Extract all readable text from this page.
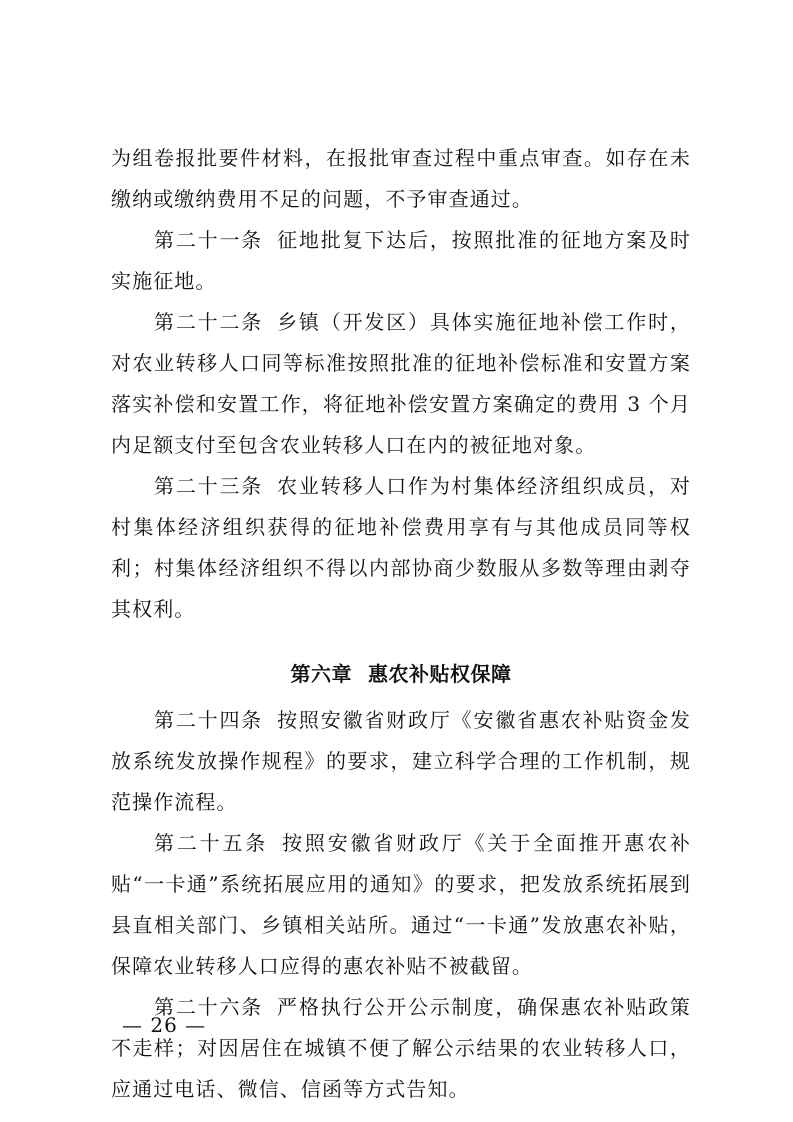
为组卷报批要件材料，在报批审查过程中重点审查。如存在未缴纳或缴纳费用不足的问题，不予审查通过。

第二十一条 征地批复下达后，按照批准的征地方案及时实施征地。

第二十二条 乡镇（开发区）具体实施征地补偿工作时，对农业转移人口同等标准按照批准的征地补偿标准和安置方案落实补偿和安置工作，将征地补偿安置方案确定的费用 3 个月内足额支付至包含农业转移人口在内的被征地对象。

第二十三条 农业转移人口作为村集体经济组织成员，对村集体经济组织获得的征地补偿费用享有与其他成员同等权利；村集体经济组织不得以内部协商少数服从多数等理由剥夺其权利。

第六章 惠农补贴权保障

第二十四条 按照安徽省财政厅《安徽省惠农补贴资金发放系统发放操作规程》的要求，建立科学合理的工作机制，规范操作流程。

第二十五条 按照安徽省财政厅《关于全面推开惠农补贴“一卡通”系统拓展应用的通知》的要求，把发放系统拓展到县直相关部门、乡镇相关站所。通过“一卡通”发放惠农补贴，保障农业转移人口应得的惠农补贴不被截留。

第二十六条 严格执行公开公示制度，确保惠农补贴政策不走样；对因居住在城镇不便了解公示结果的农业转移人口，应通过电话、微信、信函等方式告知。

— 26 —
